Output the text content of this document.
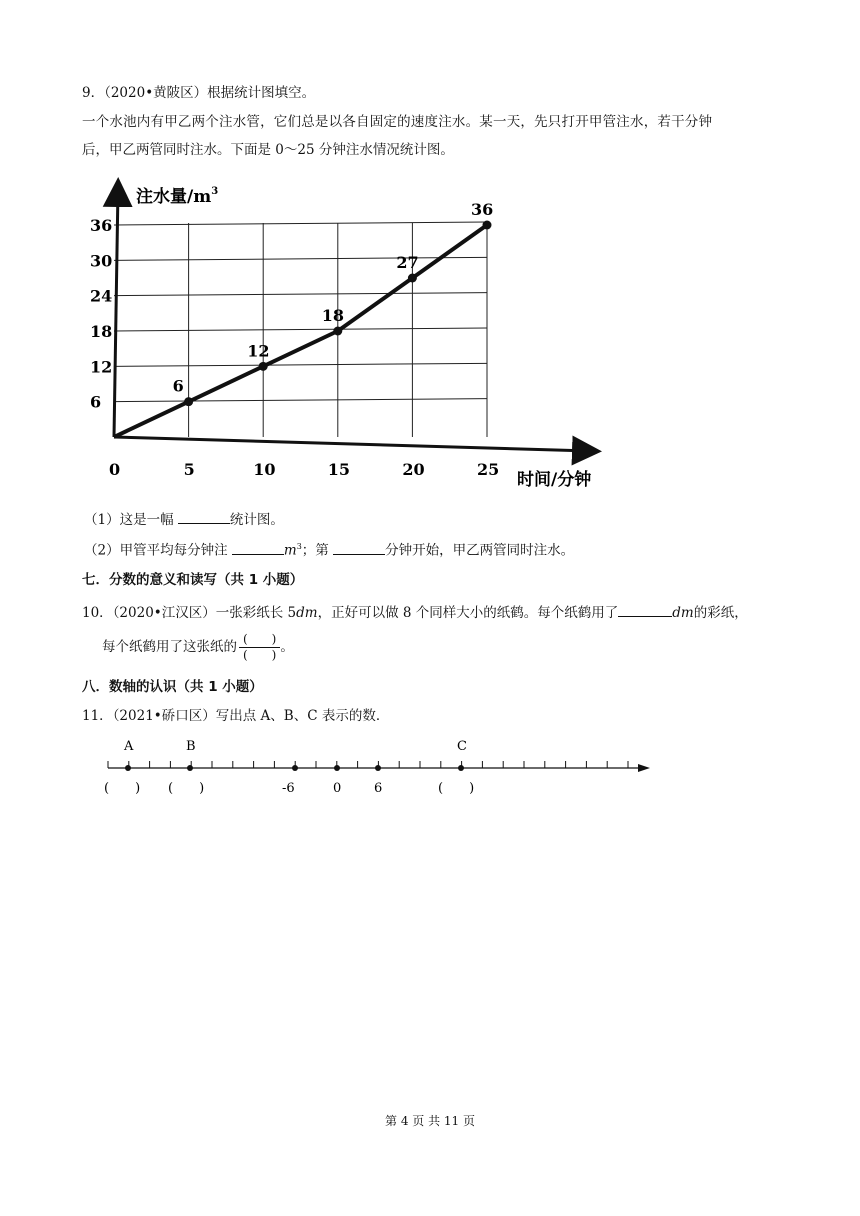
9．（2020•黄陂区）根据统计图填空。
一个水池内有甲乙两个注水管，它们总是以各自固定的速度注水。某一天，先只打开甲管注水，若干分钟
后，甲乙两管同时注水。下面是 0～25 分钟注水情况统计图。
注水量$/m^3$
时间/分钟
6
12
18
24
30
36
0	5	10	15	20	25
6
12
18
27
36
（1）这是一幅	统计图。
（2）甲管平均每分钟注	$m^3$；第	分钟开始，甲乙两管同时注水。
七．分数的意义和读写（共 1 小题）
10．（2020•江汉区）一张彩纸长 5dm，正好可以做 8 个同样大小的纸鹤。每个纸鹤用了	dm的彩纸，
每个纸鹤用了这张纸的 $\frac{( )}{( )}$ 。
八．数轴的认识（共 1 小题）
11．（2021•硚口区）写出点 A、B、C 表示的数．
A	B	C
-6	0	6
(　　) (　　)	(　　)
第 4 页 共 11 页
